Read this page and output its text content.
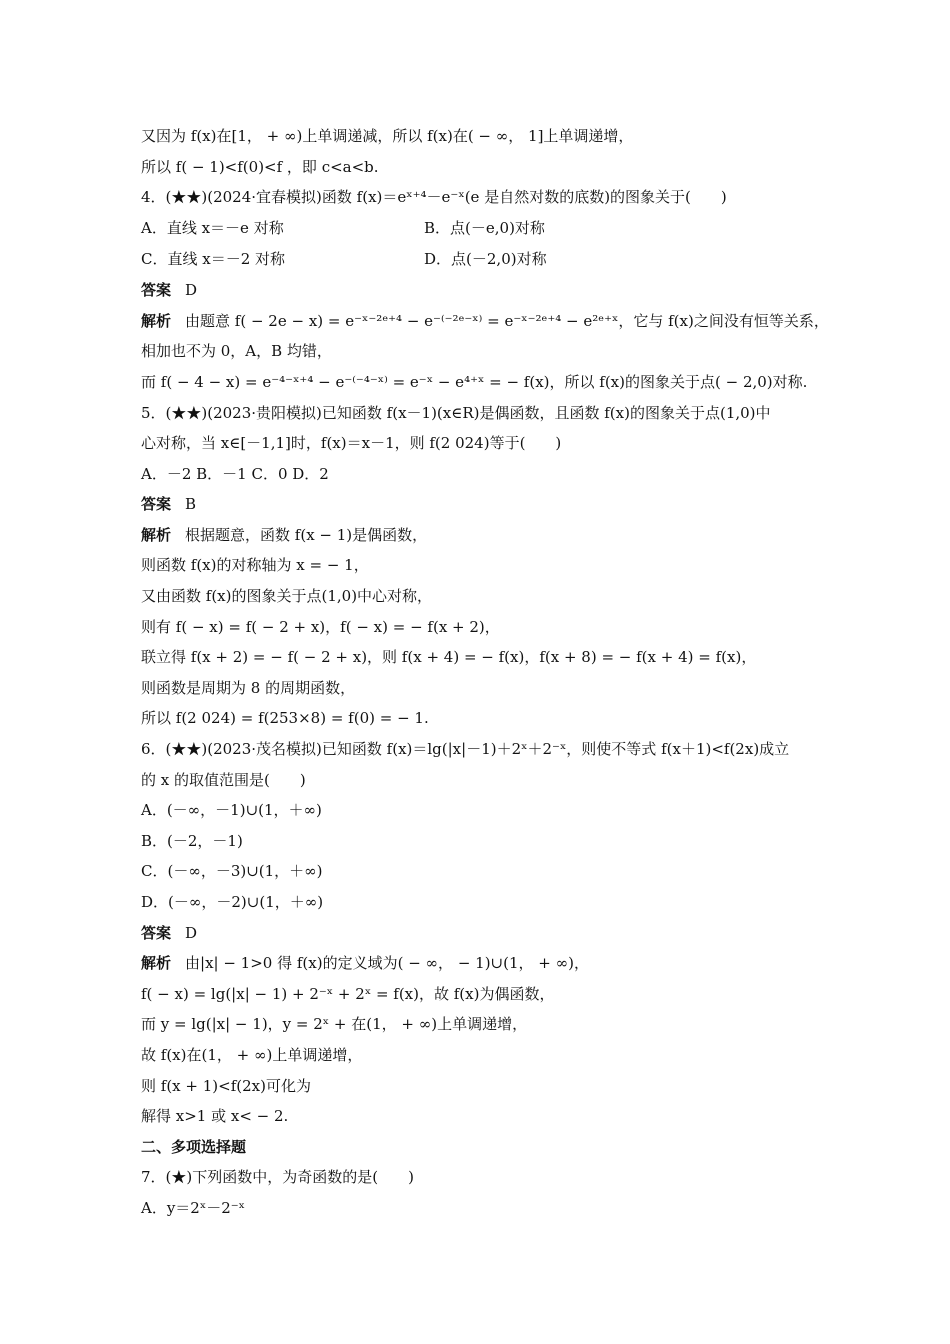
又因为 f(x)在[1， + ∞)上单调递减，所以 f(x)在( − ∞， 1]上单调递增，
所以 f( − 1)<f(0)<f ，即 c<a<b.
4．(★★)(2024·宜春模拟)函数 f(x)＝eˣ⁺⁴－e⁻ˣ(e 是自然对数的底数)的图象关于(　　)
A．直线 x＝－e 对称	B．点(－e,0)对称
C．直线 x＝－2 对称	D．点(－2,0)对称
答案 D
解析 由题意 f( − 2e − x) = e⁻ˣ⁻²ᵉ⁺⁴ − e⁻⁽⁻²ᵉ⁻ˣ⁾ = e⁻ˣ⁻²ᵉ⁺⁴ − e²ᵉ⁺ˣ，它与 f(x)之间没有恒等关系，
相加也不为 0，A，B 均错，
而 f( − 4 − x) = e⁻⁴⁻ˣ⁺⁴ − e⁻⁽⁻⁴⁻ˣ⁾ = e⁻ˣ − e⁴⁺ˣ = − f(x)，所以 f(x)的图象关于点( − 2,0)对称.
5．(★★)(2023·贵阳模拟)已知函数 f(x－1)(x∈R)是偶函数，且函数 f(x)的图象关于点(1,0)中
心对称，当 x∈[－1,1]时，f(x)＝x－1，则 f(2 024)等于(　　)
A．－2 B．－1 C．0 D．2
答案 B
解析 根据题意，函数 f(x − 1)是偶函数，
则函数 f(x)的对称轴为 x = − 1，
又由函数 f(x)的图象关于点(1,0)中心对称，
则有 f( − x) = f( − 2 + x)，f( − x) = − f(x + 2)，
联立得 f(x + 2) = − f( − 2 + x)，则 f(x + 4) = − f(x)，f(x + 8) = − f(x + 4) = f(x)，
则函数是周期为 8 的周期函数，
所以 f(2 024) = f(253×8) = f(0) = − 1.
6．(★★)(2023·茂名模拟)已知函数 f(x)＝lg(|x|－1)＋2ˣ＋2⁻ˣ，则使不等式 f(x＋1)<f(2x)成立
的 x 的取值范围是(　　)
A．(－∞，－1)∪(1，＋∞)
B．(－2，－1)
C．(－∞，－3)∪(1，＋∞)
D．(－∞，－2)∪(1，＋∞)
答案 D
解析 由|x| − 1>0 得 f(x)的定义域为( − ∞， − 1)∪(1， + ∞)，
f( − x) = lg(|x| − 1) + 2⁻ˣ + 2ˣ = f(x)，故 f(x)为偶函数，
而 y = lg(|x| − 1)，y = 2ˣ + 在(1， + ∞)上单调递增，
故 f(x)在(1， + ∞)上单调递增，
则 f(x + 1)<f(2x)可化为
解得 x>1 或 x< − 2.
二、多项选择题
7．(★)下列函数中，为奇函数的是(　　)
A．y＝2ˣ－2⁻ˣ
